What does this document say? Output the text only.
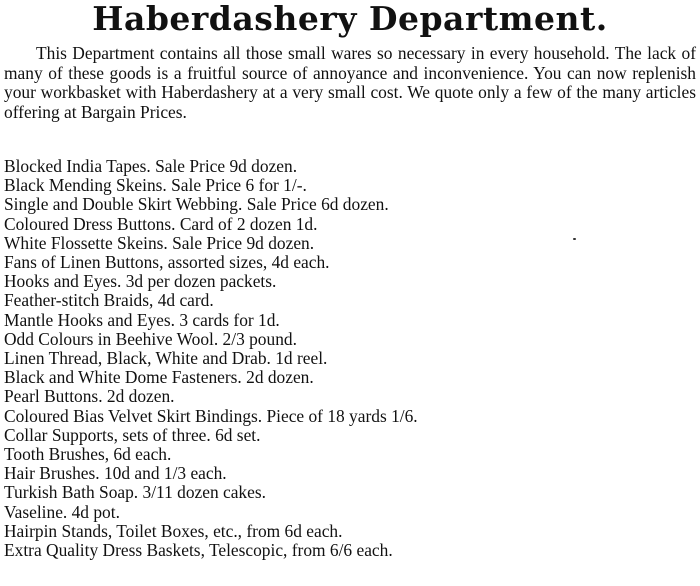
Haberdashery Department.

This Department contains all those small wares so necessary in every household. The lack of many of these goods is a fruitful source of annoyance and inconvenience. You can now replenish your workbasket with Haberdashery at a very small cost. We quote only a few of the many articles offering at Bargain Prices.

Blocked India Tapes. Sale Price 9d dozen.
Black Mending Skeins. Sale Price 6 for 1/-.
Single and Double Skirt Webbing. Sale Price 6d dozen.
Coloured Dress Buttons. Card of 2 dozen 1d.
White Flossette Skeins. Sale Price 9d dozen.
Fans of Linen Buttons, assorted sizes, 4d each.
Hooks and Eyes. 3d per dozen packets.
Feather-stitch Braids, 4d card.
Mantle Hooks and Eyes. 3 cards for 1d.
Odd Colours in Beehive Wool. 2/3 pound.
Linen Thread, Black, White and Drab. 1d reel.
Black and White Dome Fasteners. 2d dozen.
Pearl Buttons. 2d dozen.
Coloured Bias Velvet Skirt Bindings. Piece of 18 yards 1/6.
Collar Supports, sets of three. 6d set.
Tooth Brushes, 6d each.
Hair Brushes. 10d and 1/3 each.
Turkish Bath Soap. 3/11 dozen cakes.
Vaseline. 4d pot.
Hairpin Stands, Toilet Boxes, etc., from 6d each.
Extra Quality Dress Baskets, Telescopic, from 6/6 each.
